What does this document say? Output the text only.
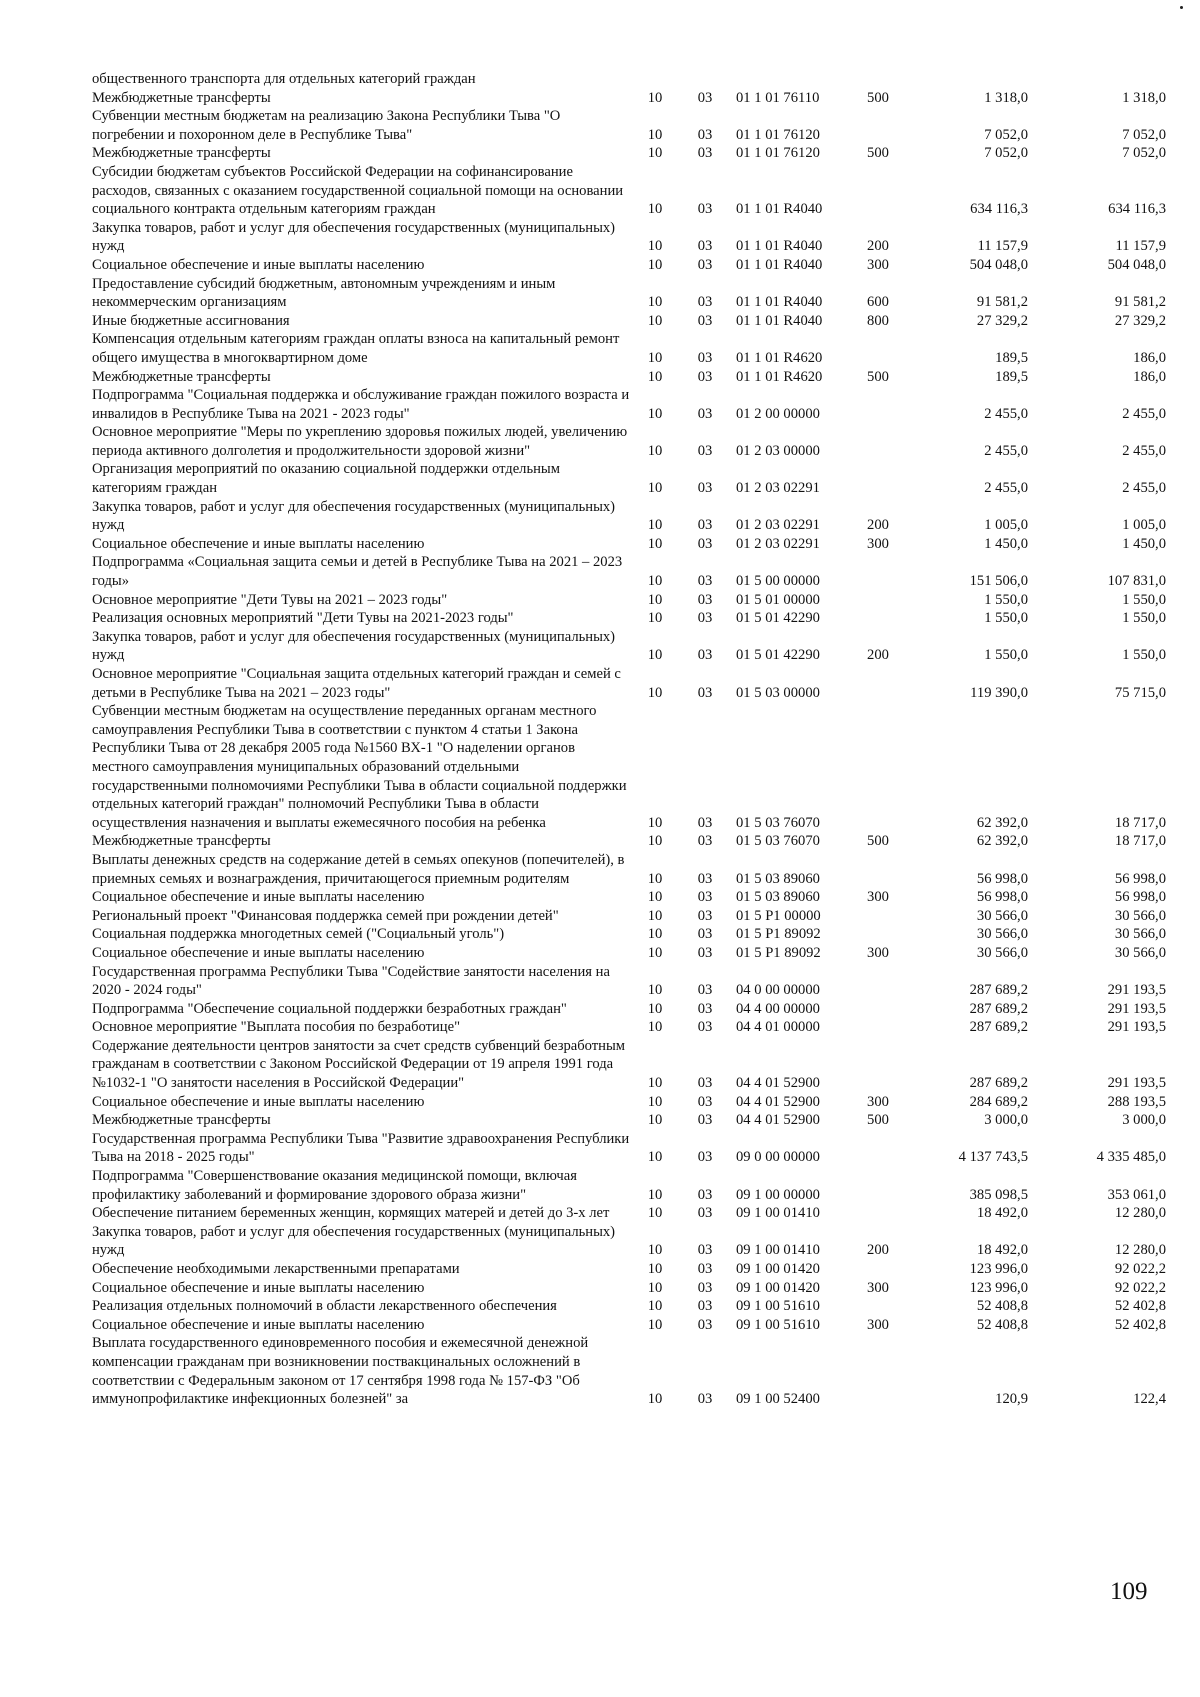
общественного транспорта для отдельных категорий граждан						
Межбюджетные трансферты	10	03	01 1 01 76110	500	1 318,0	1 318,0
Субвенции местным бюджетам на реализацию Закона Республики Тыва "О погребении и похоронном деле в Республике Тыва"	10	03	01 1 01 76120		7 052,0	7 052,0
Межбюджетные трансферты	10	03	01 1 01 76120	500	7 052,0	7 052,0
Субсидии бюджетам субъектов Российской Федерации на софинансирование расходов, связанных с оказанием государственной социальной помощи на основании социального контракта отдельным категориям граждан	10	03	01 1 01 R4040		634 116,3	634 116,3
Закупка товаров, работ и услуг для обеспечения государственных (муниципальных) нужд	10	03	01 1 01 R4040	200	11 157,9	11 157,9
Социальное обеспечение и иные выплаты населению	10	03	01 1 01 R4040	300	504 048,0	504 048,0
Предоставление субсидий бюджетным, автономным учреждениям и иным некоммерческим организациям	10	03	01 1 01 R4040	600	91 581,2	91 581,2
Иные бюджетные ассигнования	10	03	01 1 01 R4040	800	27 329,2	27 329,2
Компенсация отдельным категориям граждан оплаты взноса на капитальный ремонт общего имущества в многоквартирном доме	10	03	01 1 01 R4620		189,5	186,0
Межбюджетные трансферты	10	03	01 1 01 R4620	500	189,5	186,0
Подпрограмма "Социальная поддержка и обслуживание граждан пожилого возраста и инвалидов в Республике Тыва на 2021 - 2023 годы"	10	03	01 2 00 00000		2 455,0	2 455,0
Основное мероприятие "Меры по укреплению здоровья пожилых людей, увеличению периода активного долголетия и продолжительности здоровой жизни"	10	03	01 2 03 00000		2 455,0	2 455,0
Организация мероприятий по оказанию социальной поддержки отдельным категориям граждан	10	03	01 2 03 02291		2 455,0	2 455,0
Закупка товаров, работ и услуг для обеспечения государственных (муниципальных) нужд	10	03	01 2 03 02291	200	1 005,0	1 005,0
Социальное обеспечение и иные выплаты населению	10	03	01 2 03 02291	300	1 450,0	1 450,0
Подпрограмма «Социальная защита семьи и детей в Республике Тыва на 2021 – 2023 годы»	10	03	01 5 00 00000		151 506,0	107 831,0
Основное мероприятие "Дети Тувы на 2021 – 2023 годы"	10	03	01 5 01 00000		1 550,0	1 550,0
Реализация основных мероприятий "Дети Тувы на 2021-2023 годы"	10	03	01 5 01 42290		1 550,0	1 550,0
Закупка товаров, работ и услуг для обеспечения государственных (муниципальных) нужд	10	03	01 5 01 42290	200	1 550,0	1 550,0
Основное мероприятие "Социальная защита отдельных категорий граждан и семей с детьми в Республике Тыва на 2021 – 2023 годы"	10	03	01 5 03 00000		119 390,0	75 715,0
Субвенции местным бюджетам на осуществление переданных органам местного самоуправления Республики Тыва в соответствии с пунктом 4 статьи 1 Закона Республики Тыва от 28 декабря 2005 года №1560 ВХ-1 "О наделении органов местного самоуправления муниципальных образований отдельными государственными полномочиями Республики Тыва в области социальной поддержки отдельных категорий граждан" полномочий Республики Тыва в области осуществления назначения и выплаты ежемесячного пособия на ребенка	10	03	01 5 03 76070		62 392,0	18 717,0
Межбюджетные трансферты	10	03	01 5 03 76070	500	62 392,0	18 717,0
Выплаты денежных средств на содержание детей в семьях опекунов (попечителей), в приемных семьях и вознаграждения, причитающегося приемным родителям	10	03	01 5 03 89060		56 998,0	56 998,0
Социальное обеспечение и иные выплаты населению	10	03	01 5 03 89060	300	56 998,0	56 998,0
Региональный проект "Финансовая поддержка семей при рождении детей"	10	03	01 5 P1 00000		30 566,0	30 566,0
Социальная поддержка многодетных семей ("Социальный уголь")	10	03	01 5 P1 89092		30 566,0	30 566,0
Социальное обеспечение и иные выплаты населению	10	03	01 5 P1 89092	300	30 566,0	30 566,0
Государственная программа Республики Тыва "Содействие занятости населения на 2020 - 2024 годы"	10	03	04 0 00 00000		287 689,2	291 193,5
Подпрограмма "Обеспечение социальной поддержки безработных граждан"	10	03	04 4 00 00000		287 689,2	291 193,5
Основное мероприятие "Выплата пособия по безработице"	10	03	04 4 01 00000		287 689,2	291 193,5
Содержание деятельности центров занятости за счет средств субвенций безработным гражданам в соответствии с Законом Российской Федерации от 19 апреля 1991 года №1032-1 "О занятости населения в Российской Федерации"	10	03	04 4 01 52900		287 689,2	291 193,5
Социальное обеспечение и иные выплаты населению	10	03	04 4 01 52900	300	284 689,2	288 193,5
Межбюджетные трансферты	10	03	04 4 01 52900	500	3 000,0	3 000,0
Государственная программа Республики Тыва "Развитие здравоохранения Республики Тыва на 2018 - 2025 годы"	10	03	09 0 00 00000		4 137 743,5	4 335 485,0
Подпрограмма "Совершенствование оказания медицинской помощи, включая профилактику заболеваний и формирование здорового образа жизни"	10	03	09 1 00 00000		385 098,5	353 061,0
Обеспечение питанием беременных женщин, кормящих матерей и детей до 3-х лет	10	03	09 1 00 01410		18 492,0	12 280,0
Закупка товаров, работ и услуг для обеспечения государственных (муниципальных) нужд	10	03	09 1 00 01410	200	18 492,0	12 280,0
Обеспечение необходимыми лекарственными препаратами	10	03	09 1 00 01420		123 996,0	92 022,2
Социальное обеспечение и иные выплаты населению	10	03	09 1 00 01420	300	123 996,0	92 022,2
Реализация отдельных полномочий в области лекарственного обеспечения	10	03	09 1 00 51610		52 408,8	52 402,8
Социальное обеспечение и иные выплаты населению	10	03	09 1 00 51610	300	52 408,8	52 402,8
Выплата государственного единовременного пособия и ежемесячной денежной компенсации гражданам при возникновении поствакцинальных осложнений в соответствии с Федеральным законом от 17 сентября 1998 года № 157-ФЗ "Об иммунопрофилактике инфекционных болезней" за	10	03	09 1 00 52400		120,9	122,4
109
